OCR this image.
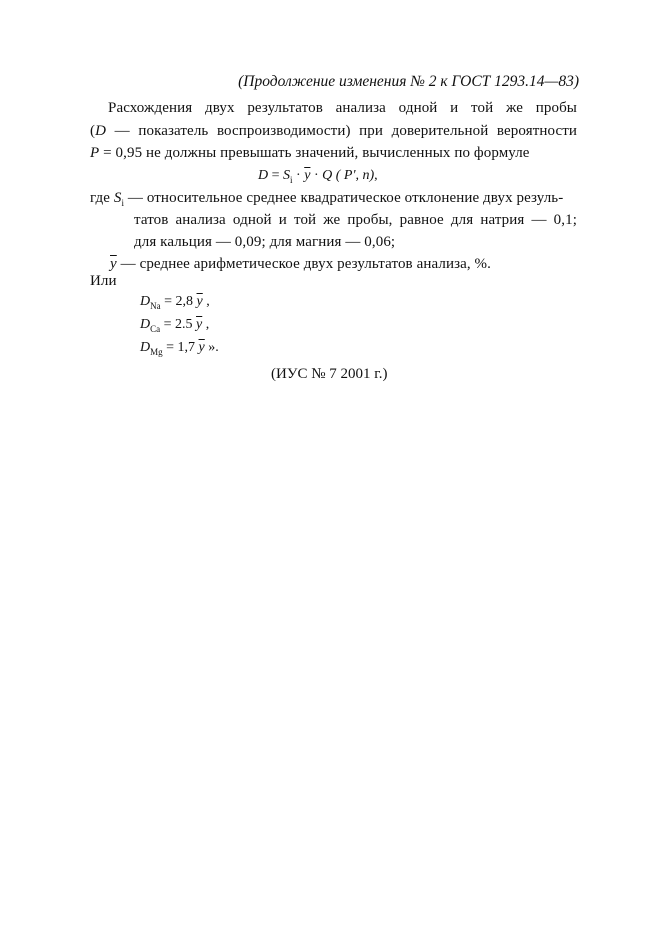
(Продолжение изменения № 2 к ГОСТ 1293.14—83)
Расхождения двух результатов анализа одной и той же пробы
(D — показатель воспроизводимости) при доверительной вероятности
P = 0,95 не должны превышать значений, вычисленных по формуле
$D = S_i \cdot \overline{y} \cdot Q$ ( P', n),
где $S_i$ — относительное среднее квадратическое отклонение двух резуль-
татов анализа одной и той же пробы, равное для натрия — 0,1;
для кальция — 0,09; для магния — 0,06;
$\overline{y}$ — среднее арифметическое двух результатов анализа, %.
Или
$D_{Na} = 2,8$ $\overline{y}$ ,
$D_{Ca} = 2.5$ $\overline{y}$ ,
$D_{Mg} = 1,7$ $\overline{y}$ ».
(ИУС № 7 2001 г.)
